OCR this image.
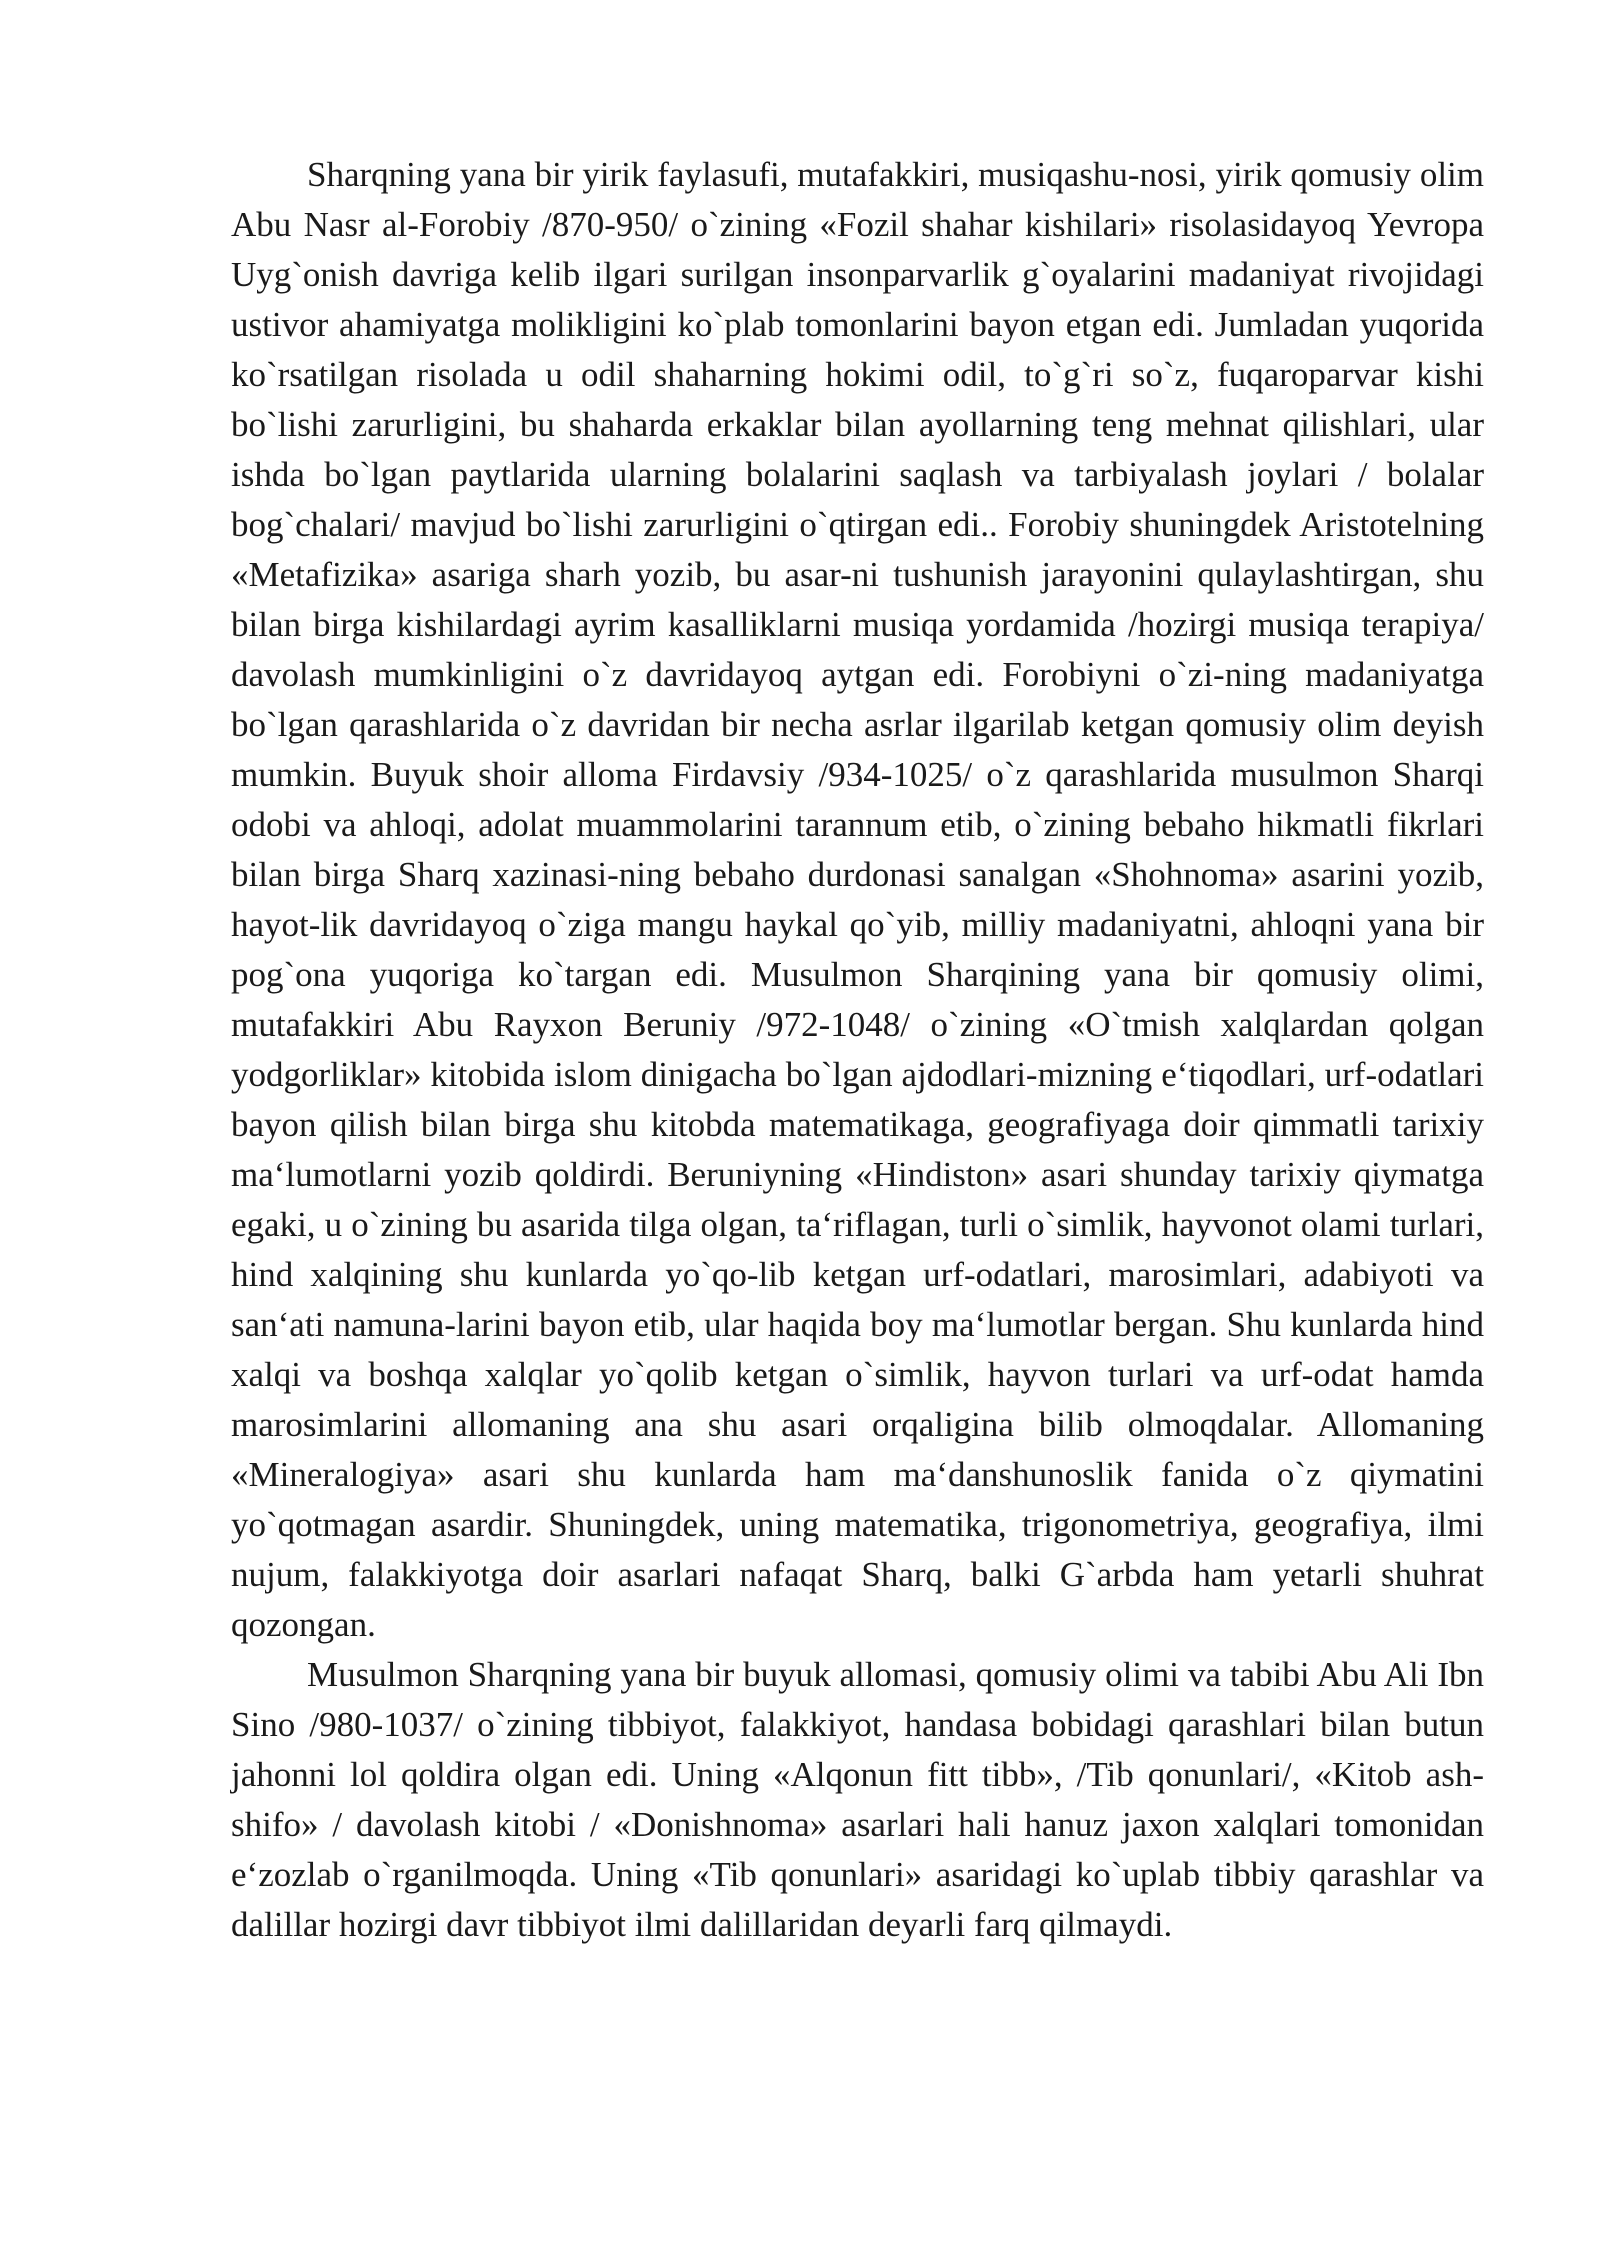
Sharqning yana bir yirik faylasufi, mutafakkiri, musiqashu-nosi, yirik qomusiy olim Abu Nasr al-Forobiy /870-950/ o`zining «Fozil shahar kishilari» risolasidayoq Yevropa Uyg`onish davriga kelib ilgari surilgan insonparvarlik g`oyalarini madaniyat rivojidagi ustivor ahamiyatga molikligini ko`plab tomonlarini bayon etgan edi. Jumladan yuqorida ko`rsatilgan risolada u odil shaharning hokimi odil, to`g`ri so`z, fuqaroparvar kishi bo`lishi zarurligini, bu shaharda erkaklar bilan ayollarning teng mehnat qilishlari, ular ishda bo`lgan paytlarida ularning bolalarini saqlash va tarbiyalash joylari / bolalar bog`chalari/ mavjud bo`lishi zarurligini o`qtirgan edi.. Forobiy shuningdek Aristotelning «Metafizika» asariga sharh yozib, bu asar-ni tushunish jarayonini qulaylashtirgan, shu bilan birga kishilardagi ayrim kasalliklarni musiqa yordamida /hozirgi musiqa terapiya/ davolash mumkinligini o`z davridayoq aytgan edi. Forobiyni o`zi-ning madaniyatga bo`lgan qarashlarida o`z davridan bir necha asrlar ilgarilab ketgan qomusiy olim deyish mumkin. Buyuk shoir alloma Firdavsiy /934-1025/ o`z qarashlarida musulmon Sharqi odobi va ahloqi, adolat muammolarini tarannum etib, o`zining bebaho hikmatli fikrlari bilan birga Sharq xazinasi-ning bebaho durdonasi sanalgan «Shohnoma» asarini yozib, hayot-lik davridayoq o`ziga mangu haykal qo`yib, milliy madaniyatni, ahloqni yana bir pog`ona yuqoriga ko`targan edi. Musulmon Sharqining yana bir qomusiy olimi, mutafakkiri Abu Rayxon Beruniy /972-1048/ o`zining «O`tmish xalqlardan qolgan yodgorliklar» kitobida islom dinigacha bo`lgan ajdodlari-mizning e‘tiqodlari, urf-odatlari bayon qilish bilan birga shu kitobda matematikaga, geografiyaga doir qimmatli tarixiy ma‘lumotlarni yozib qoldirdi. Beruniyning «Hindiston» asari shunday tarixiy qiymatga egaki, u o`zining bu asarida tilga olgan, ta‘riflagan, turli o`simlik, hayvonot olami turlari, hind xalqining shu kunlarda yo`qo-lib ketgan urf-odatlari, marosimlari, adabiyoti va san‘ati namuna-larini bayon etib, ular haqida boy ma‘lumotlar bergan. Shu kunlarda hind xalqi va boshqa xalqlar yo`qolib ketgan o`simlik, hayvon turlari va urf-odat hamda marosimlarini allomaning ana shu asari orqaligina bilib olmoqdalar. Allomaning «Mineralogiya» asari shu kunlarda ham ma‘danshunoslik fanida o`z qiymatini yo`qotmagan asardir. Shuningdek, uning matematika, trigonometriya, geografiya, ilmi nujum, falakkiyotga doir asarlari nafaqat Sharq, balki G`arbda ham yetarli shuhrat qozongan.

Musulmon Sharqning yana bir buyuk allomasi, qomusiy olimi va tabibi Abu Ali Ibn Sino /980-1037/ o`zining tibbiyot, falakkiyot, handasa bobidagi qarashlari bilan butun jahonni lol qoldira olgan edi. Uning «Alqonun fitt tibb», /Tib qonunlari/, «Kitob ash-shifo» / davolash kitobi / «Donishnoma» asarlari hali hanuz jaxon xalqlari tomonidan e‘zozlab o`rganilmoqda. Uning «Tib qonunlari» asaridagi ko`uplab tibbiy qarashlar va dalillar hozirgi davr tibbiyot ilmi dalillaridan deyarli farq qilmaydi.
